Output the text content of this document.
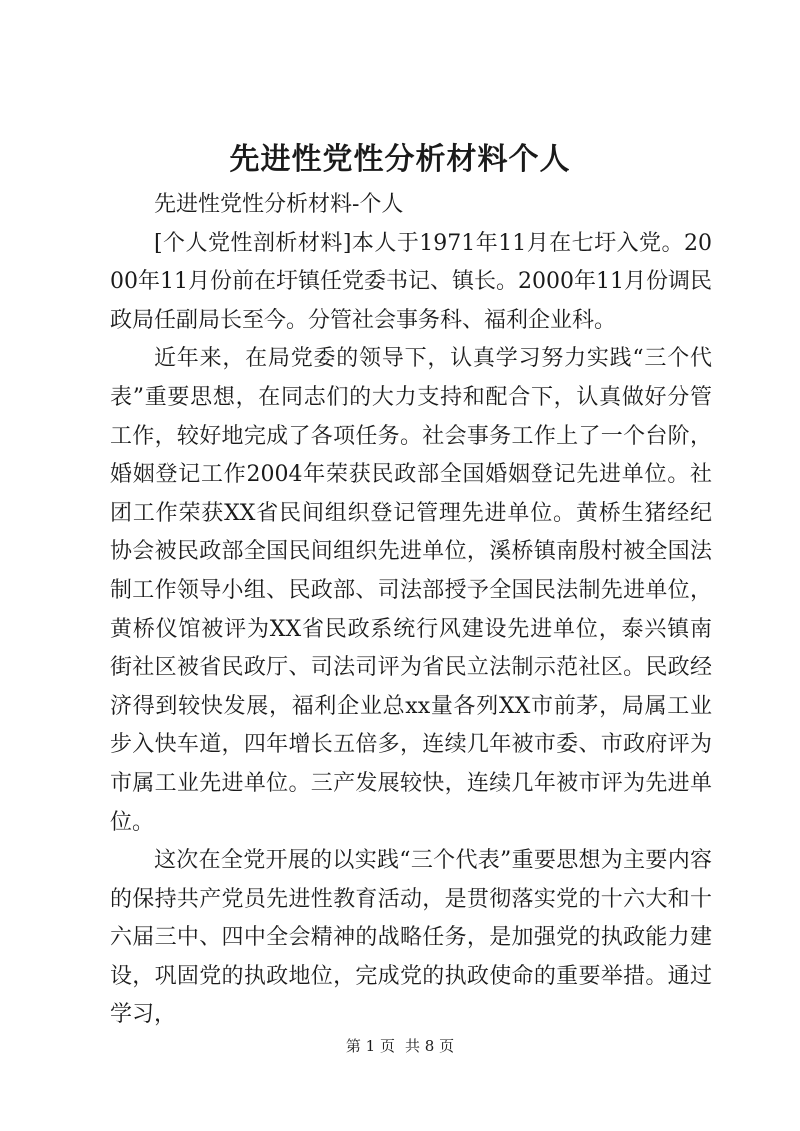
先进性党性分析材料个人

先进性党性分析材料-个人

[个人党性剖析材料]本人于1971年11月在七圩入党。2000年11月份前在圩镇任党委书记、镇长。2000年11月份调民政局任副局长至今。分管社会事务科、福利企业科。

近年来，在局党委的领导下，认真学习努力实践“三个代表”重要思想，在同志们的大力支持和配合下，认真做好分管工作，较好地完成了各项任务。社会事务工作上了一个台阶，婚姻登记工作2004年荣获民政部全国婚姻登记先进单位。社团工作荣获XX省民间组织登记管理先进单位。黄桥生猪经纪协会被民政部全国民间组织先进单位，溪桥镇南殷村被全国法制工作领导小组、民政部、司法部授予全国民法制先进单位，黄桥仪馆被评为XX省民政系统行风建设先进单位，泰兴镇南街社区被省民政厅、司法司评为省民立法制示范社区。民政经济得到较快发展，福利企业总xx量各列XX市前茅，局属工业步入快车道，四年增长五倍多，连续几年被市委、市政府评为市属工业先进单位。三产发展较快，连续几年被市评为先进单位。

这次在全党开展的以实践“三个代表”重要思想为主要内容的保持共产党员先进性教育活动，是贯彻落实党的十六大和十六届三中、四中全会精神的战略任务，是加强党的执政能力建设，巩固党的执政地位，完成党的执政使命的重要举措。通过学习，

第 1 页 共 8 页
